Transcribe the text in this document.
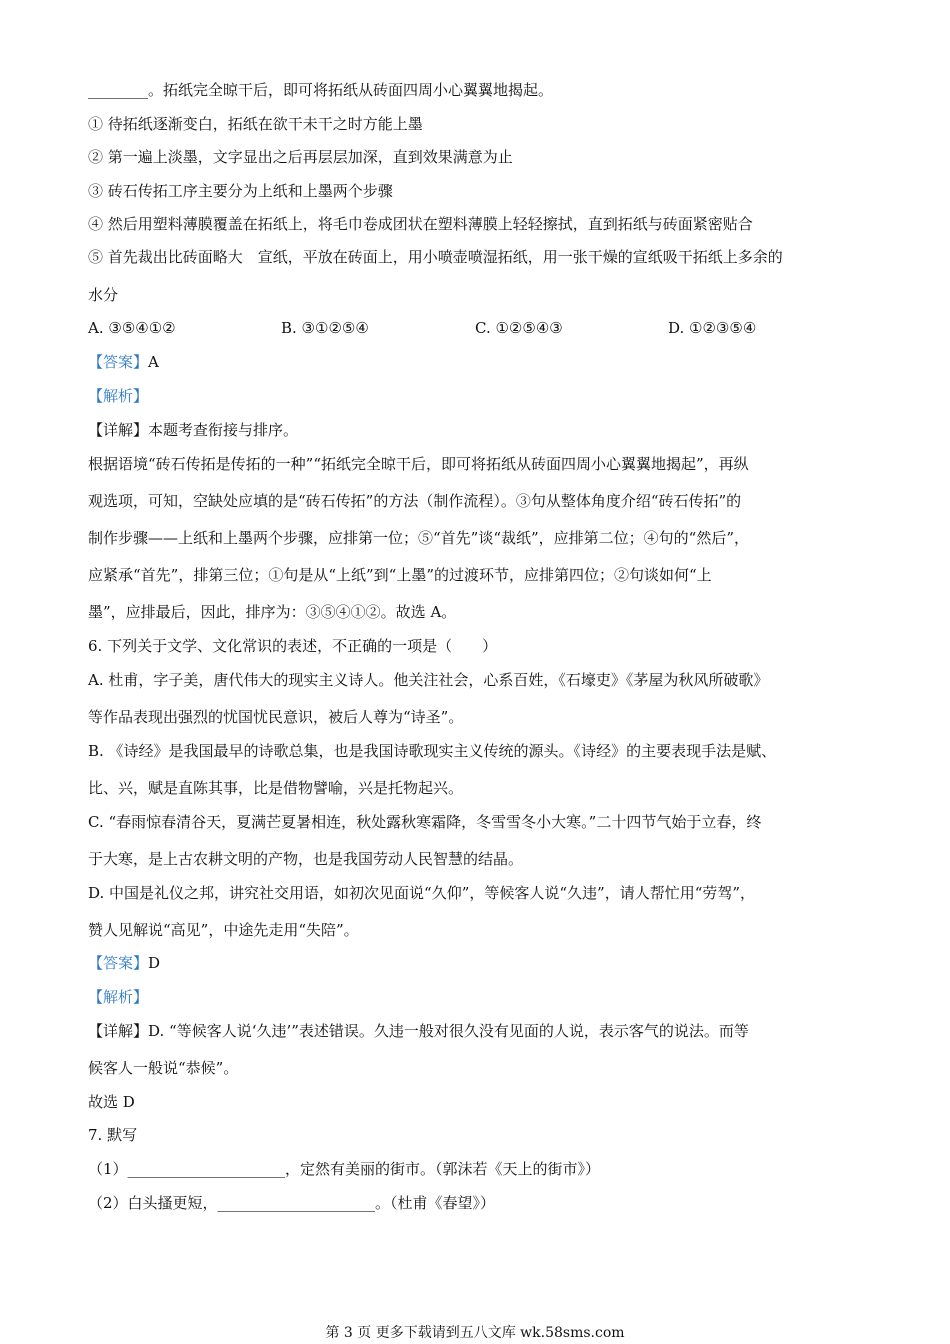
________。拓纸完全晾干后，即可将拓纸从砖面四周小心翼翼地揭起。
① 待拓纸逐渐变白，拓纸在欲干未干之时方能上墨
② 第一遍上淡墨，文字显出之后再层层加深，直到效果满意为止
③ 砖石传拓工序主要分为上纸和上墨两个步骤
④ 然后用塑料薄膜覆盖在拓纸上，将毛巾卷成团状在塑料薄膜上轻轻擦拭，直到拓纸与砖面紧密贴合
⑤ 首先裁出比砖面略大　宣纸，平放在砖面上，用小喷壶喷湿拓纸，用一张干燥的宣纸吸干拓纸上多余的
水分
A. ③⑤④①②	B. ③①②⑤④	C. ①②⑤④③	D. ①②③⑤④
【答案】A
【解析】
【详解】本题考查衔接与排序。
根据语境“砖石传拓是传拓的一种”“拓纸完全晾干后，即可将拓纸从砖面四周小心翼翼地揭起”，再纵
观选项，可知，空缺处应填的是“砖石传拓”的方法（制作流程）。③句从整体角度介绍“砖石传拓”的
制作步骤——上纸和上墨两个步骤，应排第一位；⑤“首先”谈“裁纸”，应排第二位；④句的“然后”，
应紧承“首先”，排第三位；①句是从“上纸”到“上墨”的过渡环节，应排第四位；②句谈如何“上
墨”，应排最后，因此，排序为：③⑤④①②。故选 A。
6. 下列关于文学、文化常识的表述，不正确的一项是（　　）
A. 杜甫，字子美，唐代伟大的现实主义诗人。他关注社会，心系百姓，《石壕吏》《茅屋为秋风所破歌》
等作品表现出强烈的忧国忧民意识，被后人尊为“诗圣”。
B. 《诗经》是我国最早的诗歌总集，也是我国诗歌现实主义传统的源头。《诗经》的主要表现手法是赋、
比、兴，赋是直陈其事，比是借物譬喻，兴是托物起兴。
C. “春雨惊春清谷天，夏满芒夏暑相连，秋处露秋寒霜降，冬雪雪冬小大寒。”二十四节气始于立春，终
于大寒，是上古农耕文明的产物，也是我国劳动人民智慧的结晶。
D. 中国是礼仪之邦，讲究社交用语，如初次见面说“久仰”，等候客人说“久违”，请人帮忙用“劳驾”，
赞人见解说“高见”，中途先走用“失陪”。
【答案】D
【解析】
【详解】D. “等候客人说‘久违’”表述错误。久违一般对很久没有见面的人说，表示客气的说法。而等
候客人一般说“恭候”。
故选 D
7. 默写
（1）_____________________，定然有美丽的街市。（郭沫若《天上的街市》）
（2）白头搔更短，_____________________。（杜甫《春望》）
第 3 页 更多下载请到五八文库 wk.58sms.com
